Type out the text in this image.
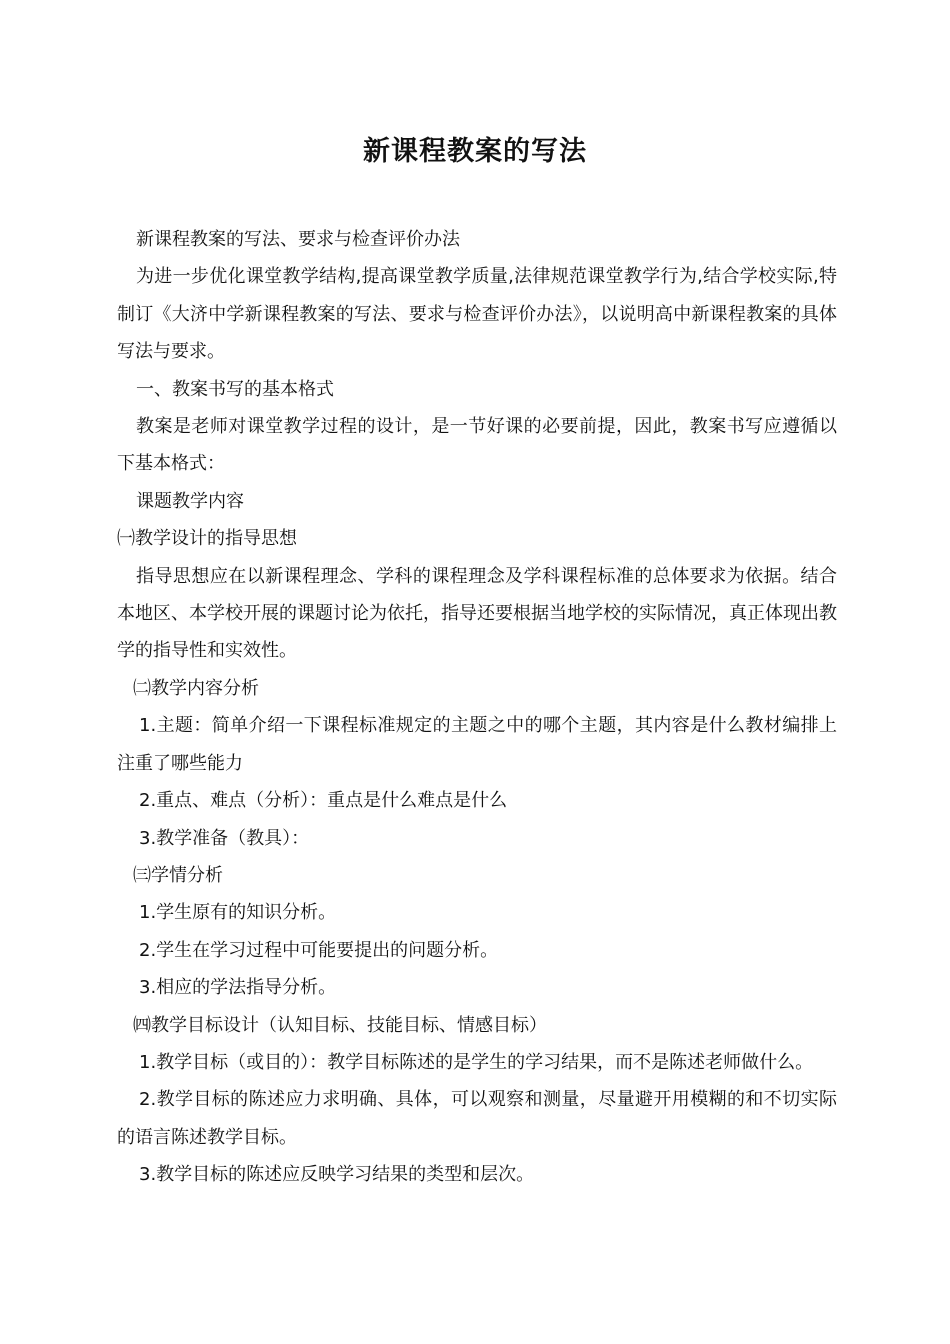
新课程教案的写法

新课程教案的写法、要求与检查评价办法

为进一步优化课堂教学结构,提高课堂教学质量,法律规范课堂教学行为,结合学校实际,特制订《大济中学新课程教案的写法、要求与检查评价办法》，以说明高中新课程教案的具体写法与要求。

一、教案书写的基本格式

教案是老师对课堂教学过程的设计，是一节好课的必要前提，因此，教案书写应遵循以下基本格式：

课题教学内容

㈠教学设计的指导思想

指导思想应在以新课程理念、学科的课程理念及学科课程标准的总体要求为依据。结合本地区、本学校开展的课题讨论为依托，指导还要根据当地学校的实际情况，真正体现出教学的指导性和实效性。

㈡教学内容分析

1.主题：简单介绍一下课程标准规定的主题之中的哪个主题，其内容是什么教材编排上注重了哪些能力

2.重点、难点（分析）：重点是什么难点是什么

3.教学准备（教具）：

㈢学情分析

1.学生原有的知识分析。

2.学生在学习过程中可能要提出的问题分析。

3.相应的学法指导分析。

㈣教学目标设计（认知目标、技能目标、情感目标）

1.教学目标（或目的）：教学目标陈述的是学生的学习结果，而不是陈述老师做什么。

2.教学目标的陈述应力求明确、具体，可以观察和测量，尽量避开用模糊的和不切实际的语言陈述教学目标。

3.教学目标的陈述应反映学习结果的类型和层次。
